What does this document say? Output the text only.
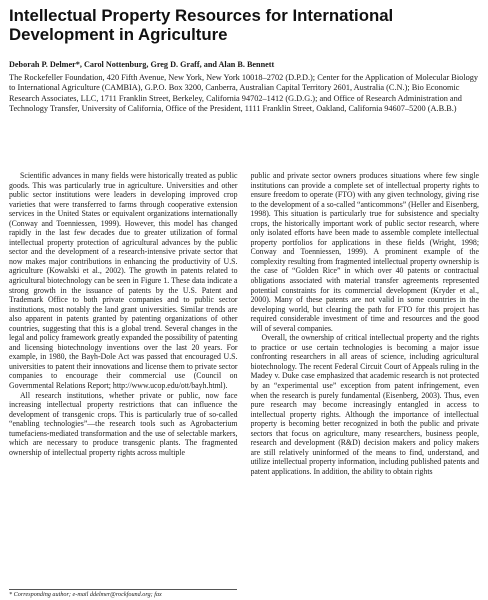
Intellectual Property Resources for International
Development in Agriculture
Deborah P. Delmer*, Carol Nottenburg, Greg D. Graff, and Alan B. Bennett
The Rockefeller Foundation, 420 Fifth Avenue, New York, New York 10018–2702 (D.P.D.); Center for the Application of Molecular Biology to International Agriculture (CAMBIA), G.P.O. Box 3200, Canberra, Australian Capital Territory 2601, Australia (C.N.); Bio Economic Research Associates, LLC, 1711 Franklin Street, Berkeley, California 94702–1412 (G.D.G.); and Office of Research Administration and Technology Transfer, University of California, Office of the President, 1111 Franklin Street, Oakland, California 94607–5200 (A.B.B.)

Scientific advances in many fields were historically treated as public goods. This was particularly true in agriculture. Universities and other public sector institutions were leaders in developing improved crop varieties that were transferred to farms through cooperative extension services in the United States or equivalent organizations internationally (Conway and Toenniessen, 1999). However, this model has changed rapidly in the last few decades due to greater utilization of formal intellectual property protection of agricultural advances by the public sector and the development of a research-intensive private sector that now makes major contributions in enhancing the productivity of U.S. agriculture (Kowalski et al., 2002). The growth in patents related to agricultural biotechnology can be seen in Figure 1. These data indicate a strong growth in the issuance of patents by the U.S. Patent and Trademark Office to both private companies and to public sector institutions, most notably the land grant universities. Similar trends are also apparent in patents granted by patenting organizations of other countries, suggesting that this is a global trend. Several changes in the legal and policy framework greatly expanded the possibility of patenting and licensing biotechnology inventions over the last 20 years. For example, in 1980, the Bayh-Dole Act was passed that encouraged U.S. universities to patent their innovations and license them to private sector companies to encourage their commercial use (Council on Governmental Relations Report; http://www.ucop.edu/ott/bayh.html).

All research institutions, whether private or public, now face increasing intellectual property restrictions that can influence the development of transgenic crops. This is particularly true of so-called “enabling technologies”—the research tools such as Agrobacterium tumefaciens-mediated transformation and the use of selectable markers, which are necessary to produce transgenic plants. The fragmented ownership of intellectual property rights across multiple

public and private sector owners produces situations where few single institutions can provide a complete set of intellectual property rights to ensure freedom to operate (FTO) with any given technology, giving rise to the development of a so-called “anticommons” (Heller and Eisenberg, 1998). This situation is particularly true for subsistence and specialty crops, the historically important work of public sector research, where only isolated efforts have been made to assemble complete intellectual property portfolios for applications in these fields (Wright, 1998; Conway and Toenniessen, 1999). A prominent example of the complexity resulting from fragmented intellectual property ownership is the case of “Golden Rice” in which over 40 patents or contractual obligations associated with material transfer agreements represented potential constraints for its commercial development (Kryder et al., 2000). Many of these patents are not valid in some countries in the developing world, but clearing the path for FTO for this project has required considerable investment of time and resources and the good will of several companies.

Overall, the ownership of critical intellectual property and the rights to practice or use certain technologies is becoming a major issue confronting researchers in all areas of science, including agricultural biotechnology. The recent Federal Circuit Court of Appeals ruling in the Madey v. Duke case emphasized that academic research is not protected by an “experimental use” exception from patent infringement, even when the research is purely fundamental (Eisenberg, 2003). Thus, even pure research may become increasingly entangled in access to intellectual property rights. Although the importance of intellectual property is becoming better recognized in both the public and private sectors that focus on agriculture, many researchers, business people, research and development (R&D) decision makers and policy makers are still relatively uninformed of the means to find, understand, and utilize intellectual property information, including published patents and patent applications. In addition, the ability to obtain rights

* Corresponding author; e-mail ddelmer@rockfound.org; fax
